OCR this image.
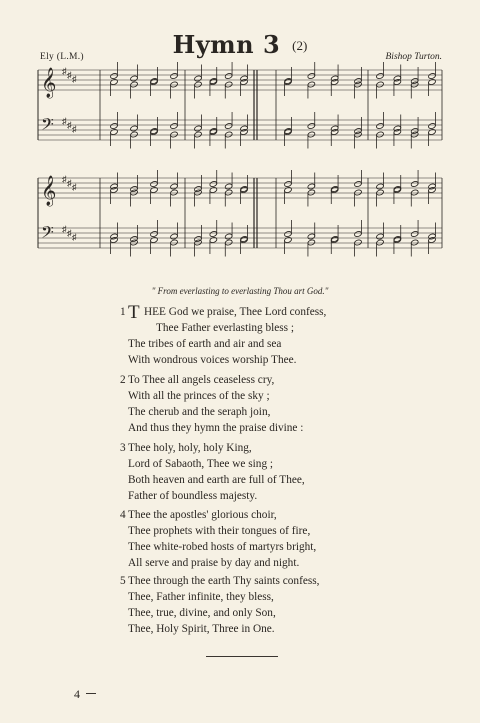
Hymn 3 (2)
Ely (L.M.)	Bishop Turton.
𝄞 ♯ ♯ ♯
𝄢 ♯ ♯ ♯
𝄞 ♯ ♯ ♯
𝄢 ♯ ♯ ♯
" From everlasting to everlasting Thou art God."
1 T HEE God we praise, Thee Lord confess,
Thee Father everlasting bless ;
The tribes of earth and air and sea
With wondrous voices worship Thee.
2 To Thee all angels ceaseless cry,
With all the princes of the sky ;
The cherub and the seraph join,
And thus they hymn the praise divine :
3 Thee holy, holy, holy King,
Lord of Sabaoth, Thee we sing ;
Both heaven and earth are full of Thee,
Father of boundless majesty.
4 Thee the apostles' glorious choir,
Thee prophets with their tongues of fire,
Thee white-robed hosts of martyrs bright,
All serve and praise by day and night.
5 Thee through the earth Thy saints confess,
Thee, Father infinite, they bless,
Thee, true, divine, and only Son,
Thee, Holy Spirit, Three in One.
4
